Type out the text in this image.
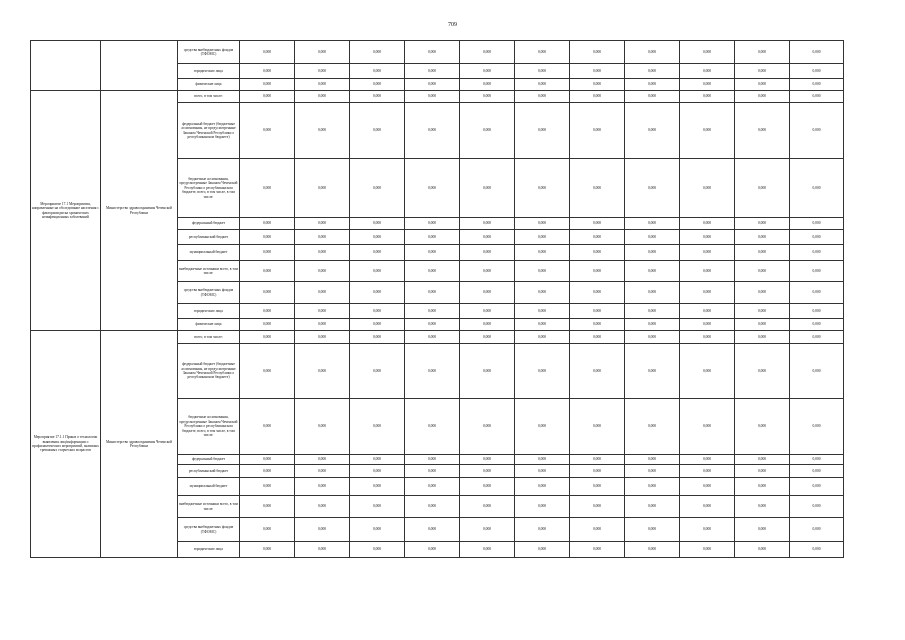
709
		средства внебюджетных фондов (ТФОМС)	0,000	0,000	0,000	0,000	0,000	0,000	0,000	0,000	0,000	0,000	0,000
		юридические лица	0,000	0,000	0,000	0,000	0,000	0,000	0,000	0,000	0,000	0,000	0,000
		физические лица	0,000	0,000	0,000	0,000	0,000	0,000	0,000	0,000	0,000	0,000	0,000
Мероприятие 17.1 Мероприятия, направленные на обследование населения с факторами риска хронических неинфекционных заболеваний	Министерство здравоохранения Чеченской Республики	всего, в том числе:	0,000	0,000	0,000	0,000	0,000	0,000	0,000	0,000	0,000	0,000	0,000
		федеральный бюджет (бюджетные ассигнования, не предусмотренные Законом Чеченской Республики о республиканском бюджете)	0,000	0,000	0,000	0,000	0,000	0,000	0,000	0,000	0,000	0,000	0,000
		бюджетные ассигнования, предусмотренные Законом Чеченской Республики о республиканском бюджете, всего, в том числе, в том числе:	0,000	0,000	0,000	0,000	0,000	0,000	0,000	0,000	0,000	0,000	0,000
		федеральный бюджет	0,000	0,000	0,000	0,000	0,000	0,000	0,000	0,000	0,000	0,000	0,000
		республиканский бюджет	0,000	0,000	0,000	0,000	0,000	0,000	0,000	0,000	0,000	0,000	0,000
		муниципальный бюджет	0,000	0,000	0,000	0,000	0,000	0,000	0,000	0,000	0,000	0,000	0,000
		внебюджетные источники всего, в том числе:	0,000	0,000	0,000	0,000	0,000	0,000	0,000	0,000	0,000	0,000	0,000
		средства внебюджетных фондов (ТФОМС)	0,000	0,000	0,000	0,000	0,000	0,000	0,000	0,000	0,000	0,000	0,000
		юридические лица	0,000	0,000	0,000	0,000	0,000	0,000	0,000	0,000	0,000	0,000	0,000
		физические лица	0,000	0,000	0,000	0,000	0,000	0,000	0,000	0,000	0,000	0,000	0,000
Мероприятие 17.1.1 Приказ о технологии выявления лиц/информации о профилактических мероприятий, значимых тревожных старческих возрастов	Министерство здравоохранения Чеченской Республики	всего, в том числе:	0,000	0,000	0,000	0,000	0,000	0,000	0,000	0,000	0,000	0,000	0,000
		федеральный бюджет (бюджетные ассигнования, не предусмотренные Законом Чеченской Республики о республиканском бюджете)	0,000	0,000	0,000	0,000	0,000	0,000	0,000	0,000	0,000	0,000	0,000
		бюджетные ассигнования, предусмотренные Законом Чеченской Республики о республиканском бюджете, всего, в том числе, в том числе:	0,000	0,000	0,000	0,000	0,000	0,000	0,000	0,000	0,000	0,000	0,000
		федеральный бюджет	0,000	0,000	0,000	0,000	0,000	0,000	0,000	0,000	0,000	0,000	0,000
		республиканский бюджет	0,000	0,000	0,000	0,000	0,000	0,000	0,000	0,000	0,000	0,000	0,000
		муниципальный бюджет	0,000	0,000	0,000	0,000	0,000	0,000	0,000	0,000	0,000	0,000	0,000
		внебюджетные источники всего, в том числе:	0,000	0,000	0,000	0,000	0,000	0,000	0,000	0,000	0,000	0,000	0,000
		средства внебюджетных фондов (ТФОМС)	0,000	0,000	0,000	0,000	0,000	0,000	0,000	0,000	0,000	0,000	0,000
		юридические лица	0,000	0,000	0,000	0,000	0,000	0,000	0,000	0,000	0,000	0,000	0,000
